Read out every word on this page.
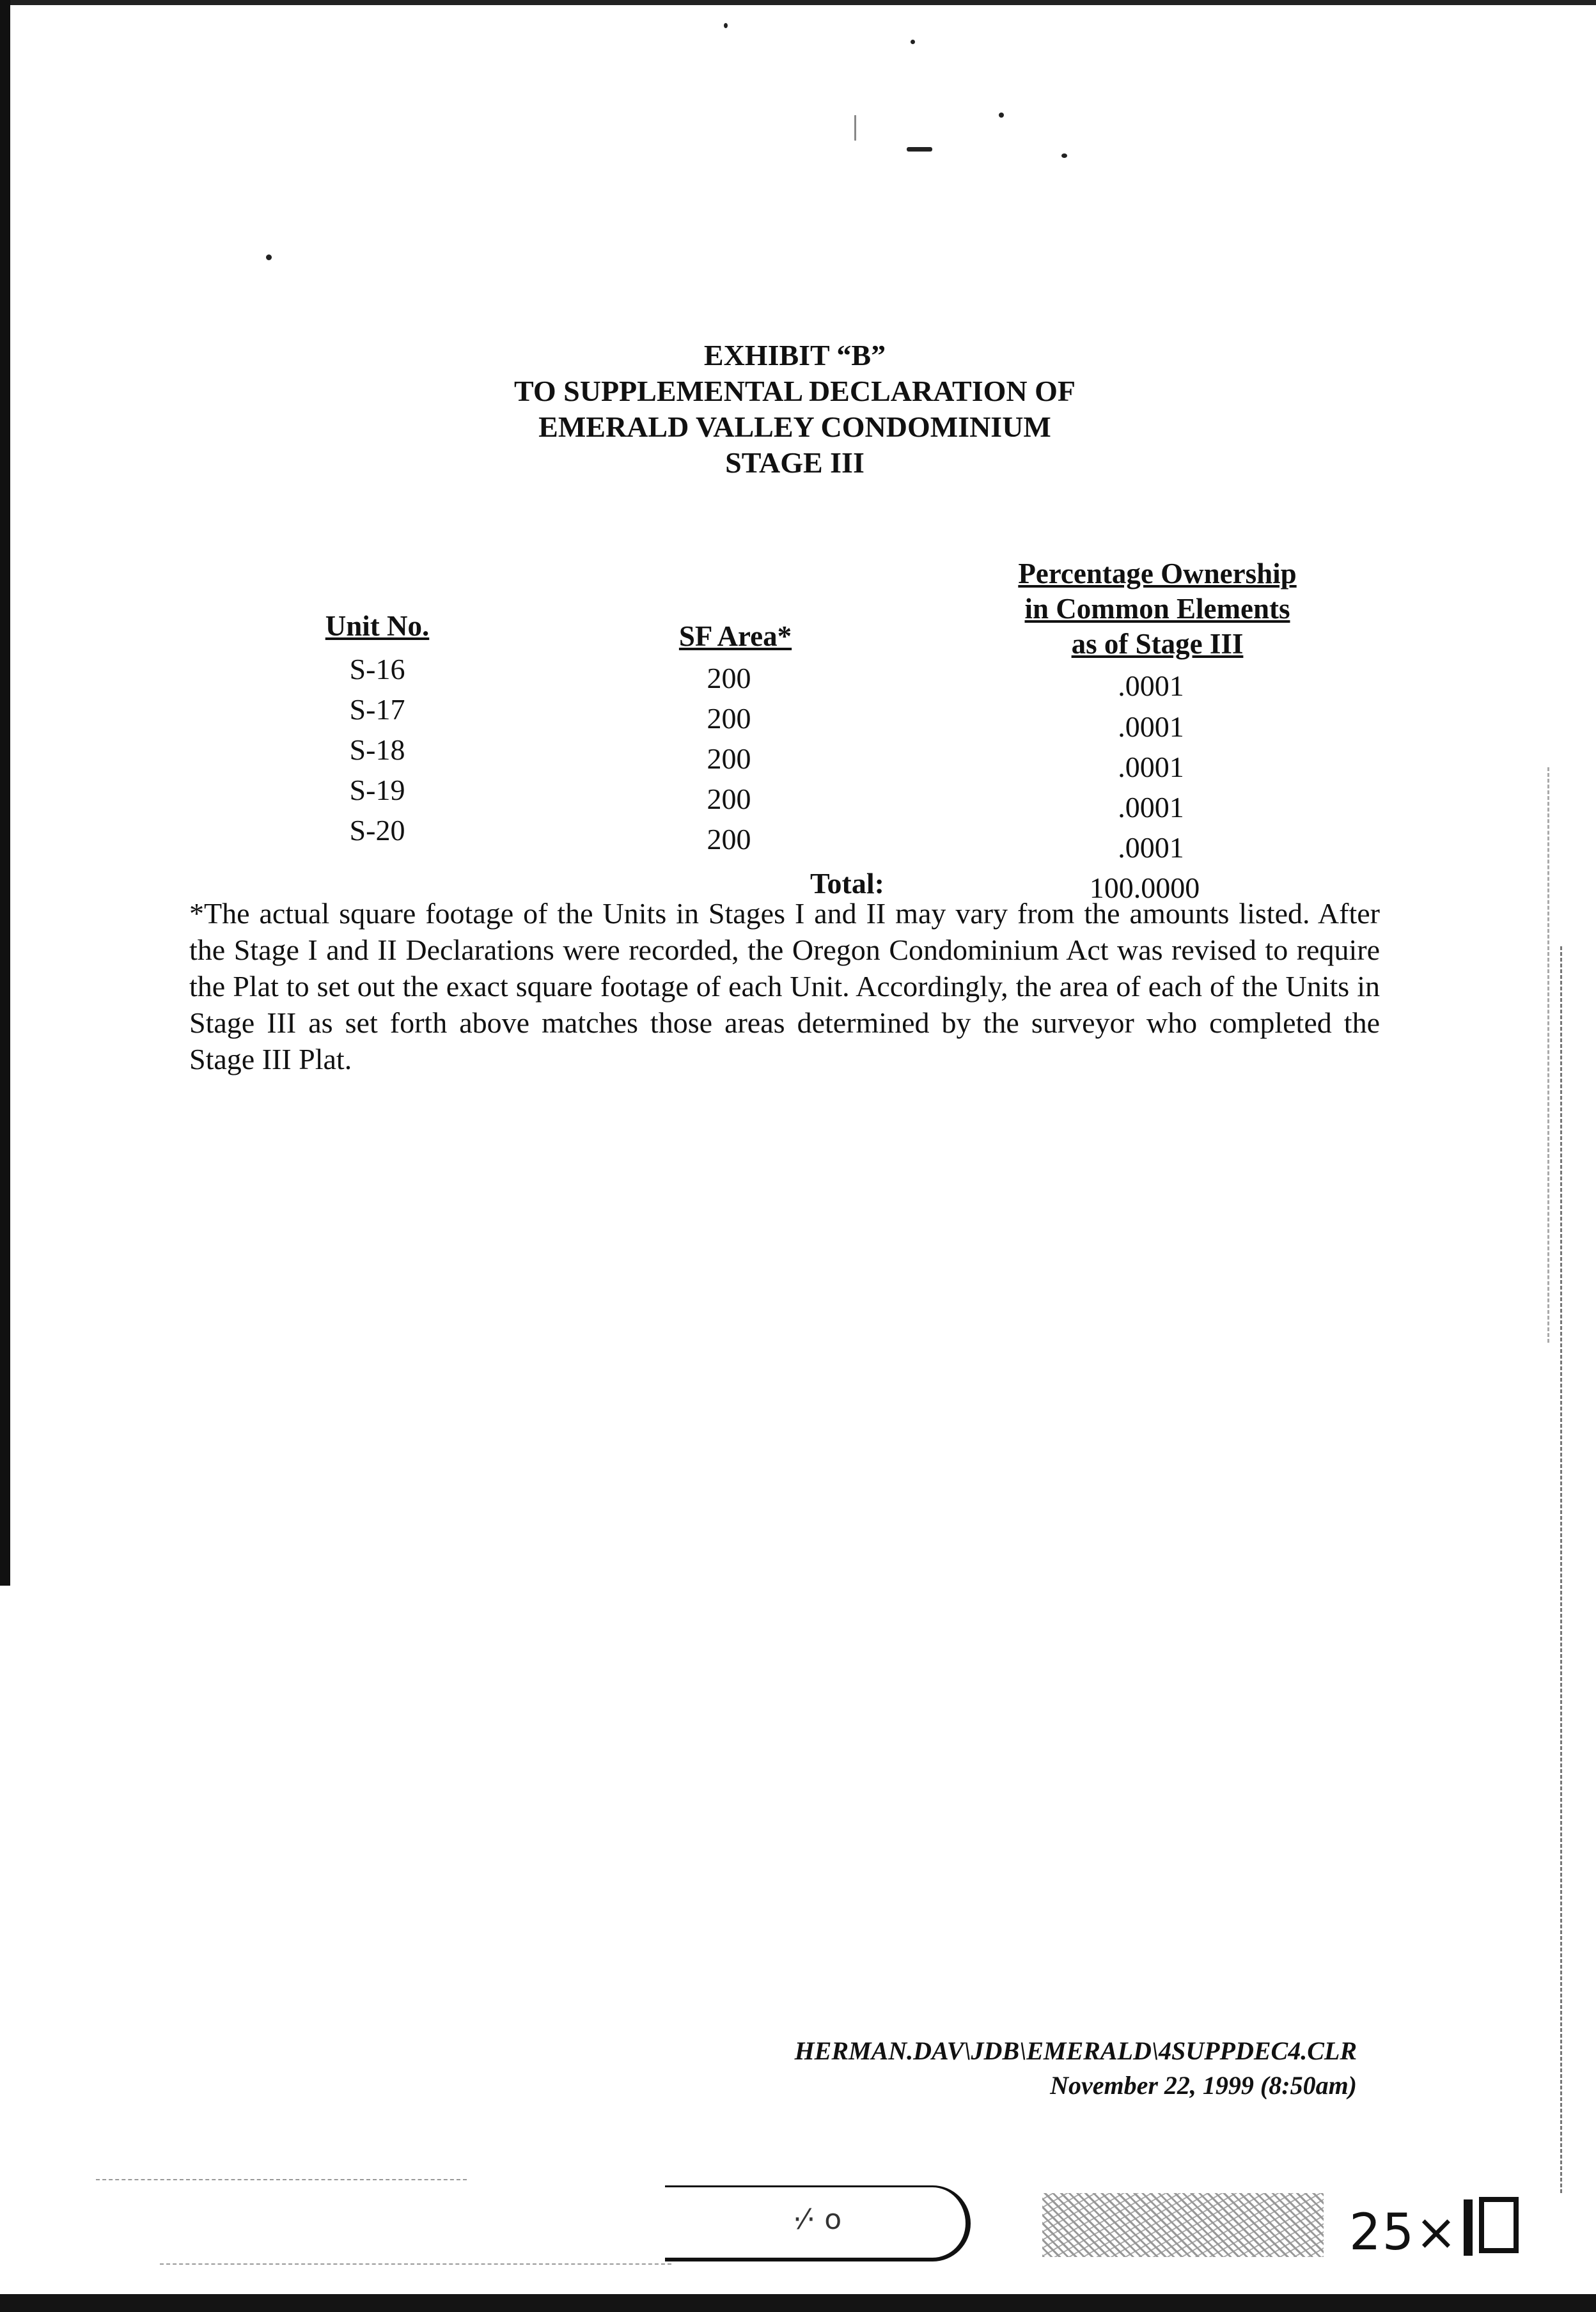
EXHIBIT “B”
TO SUPPLEMENTAL DECLARATION OF
EMERALD VALLEY CONDOMINIUM
STAGE III
Unit No.	SF Area*
Percentage Ownership
in Common Elements
as of Stage III
S-16	200	.0001
S-17	200	.0001
S-18	200	.0001
S-19	200	.0001
S-20	200	.0001
Total:	100.0000
*The actual square footage of the Units in Stages I and II may vary from the amounts listed. After the Stage I and II Declarations were recorded, the Oregon Condominium Act was revised to require the Plat to set out the exact square footage of each Unit. Accordingly, the area of each of the Units in Stage III as set forth above matches those areas determined by the surveyor who completed the Stage III Plat.
HERMAN.DAV\JDB\EMERALD\4SUPPDEC4.CLR
November 22, 1999 (8:50am)
·⁄· o	25×
